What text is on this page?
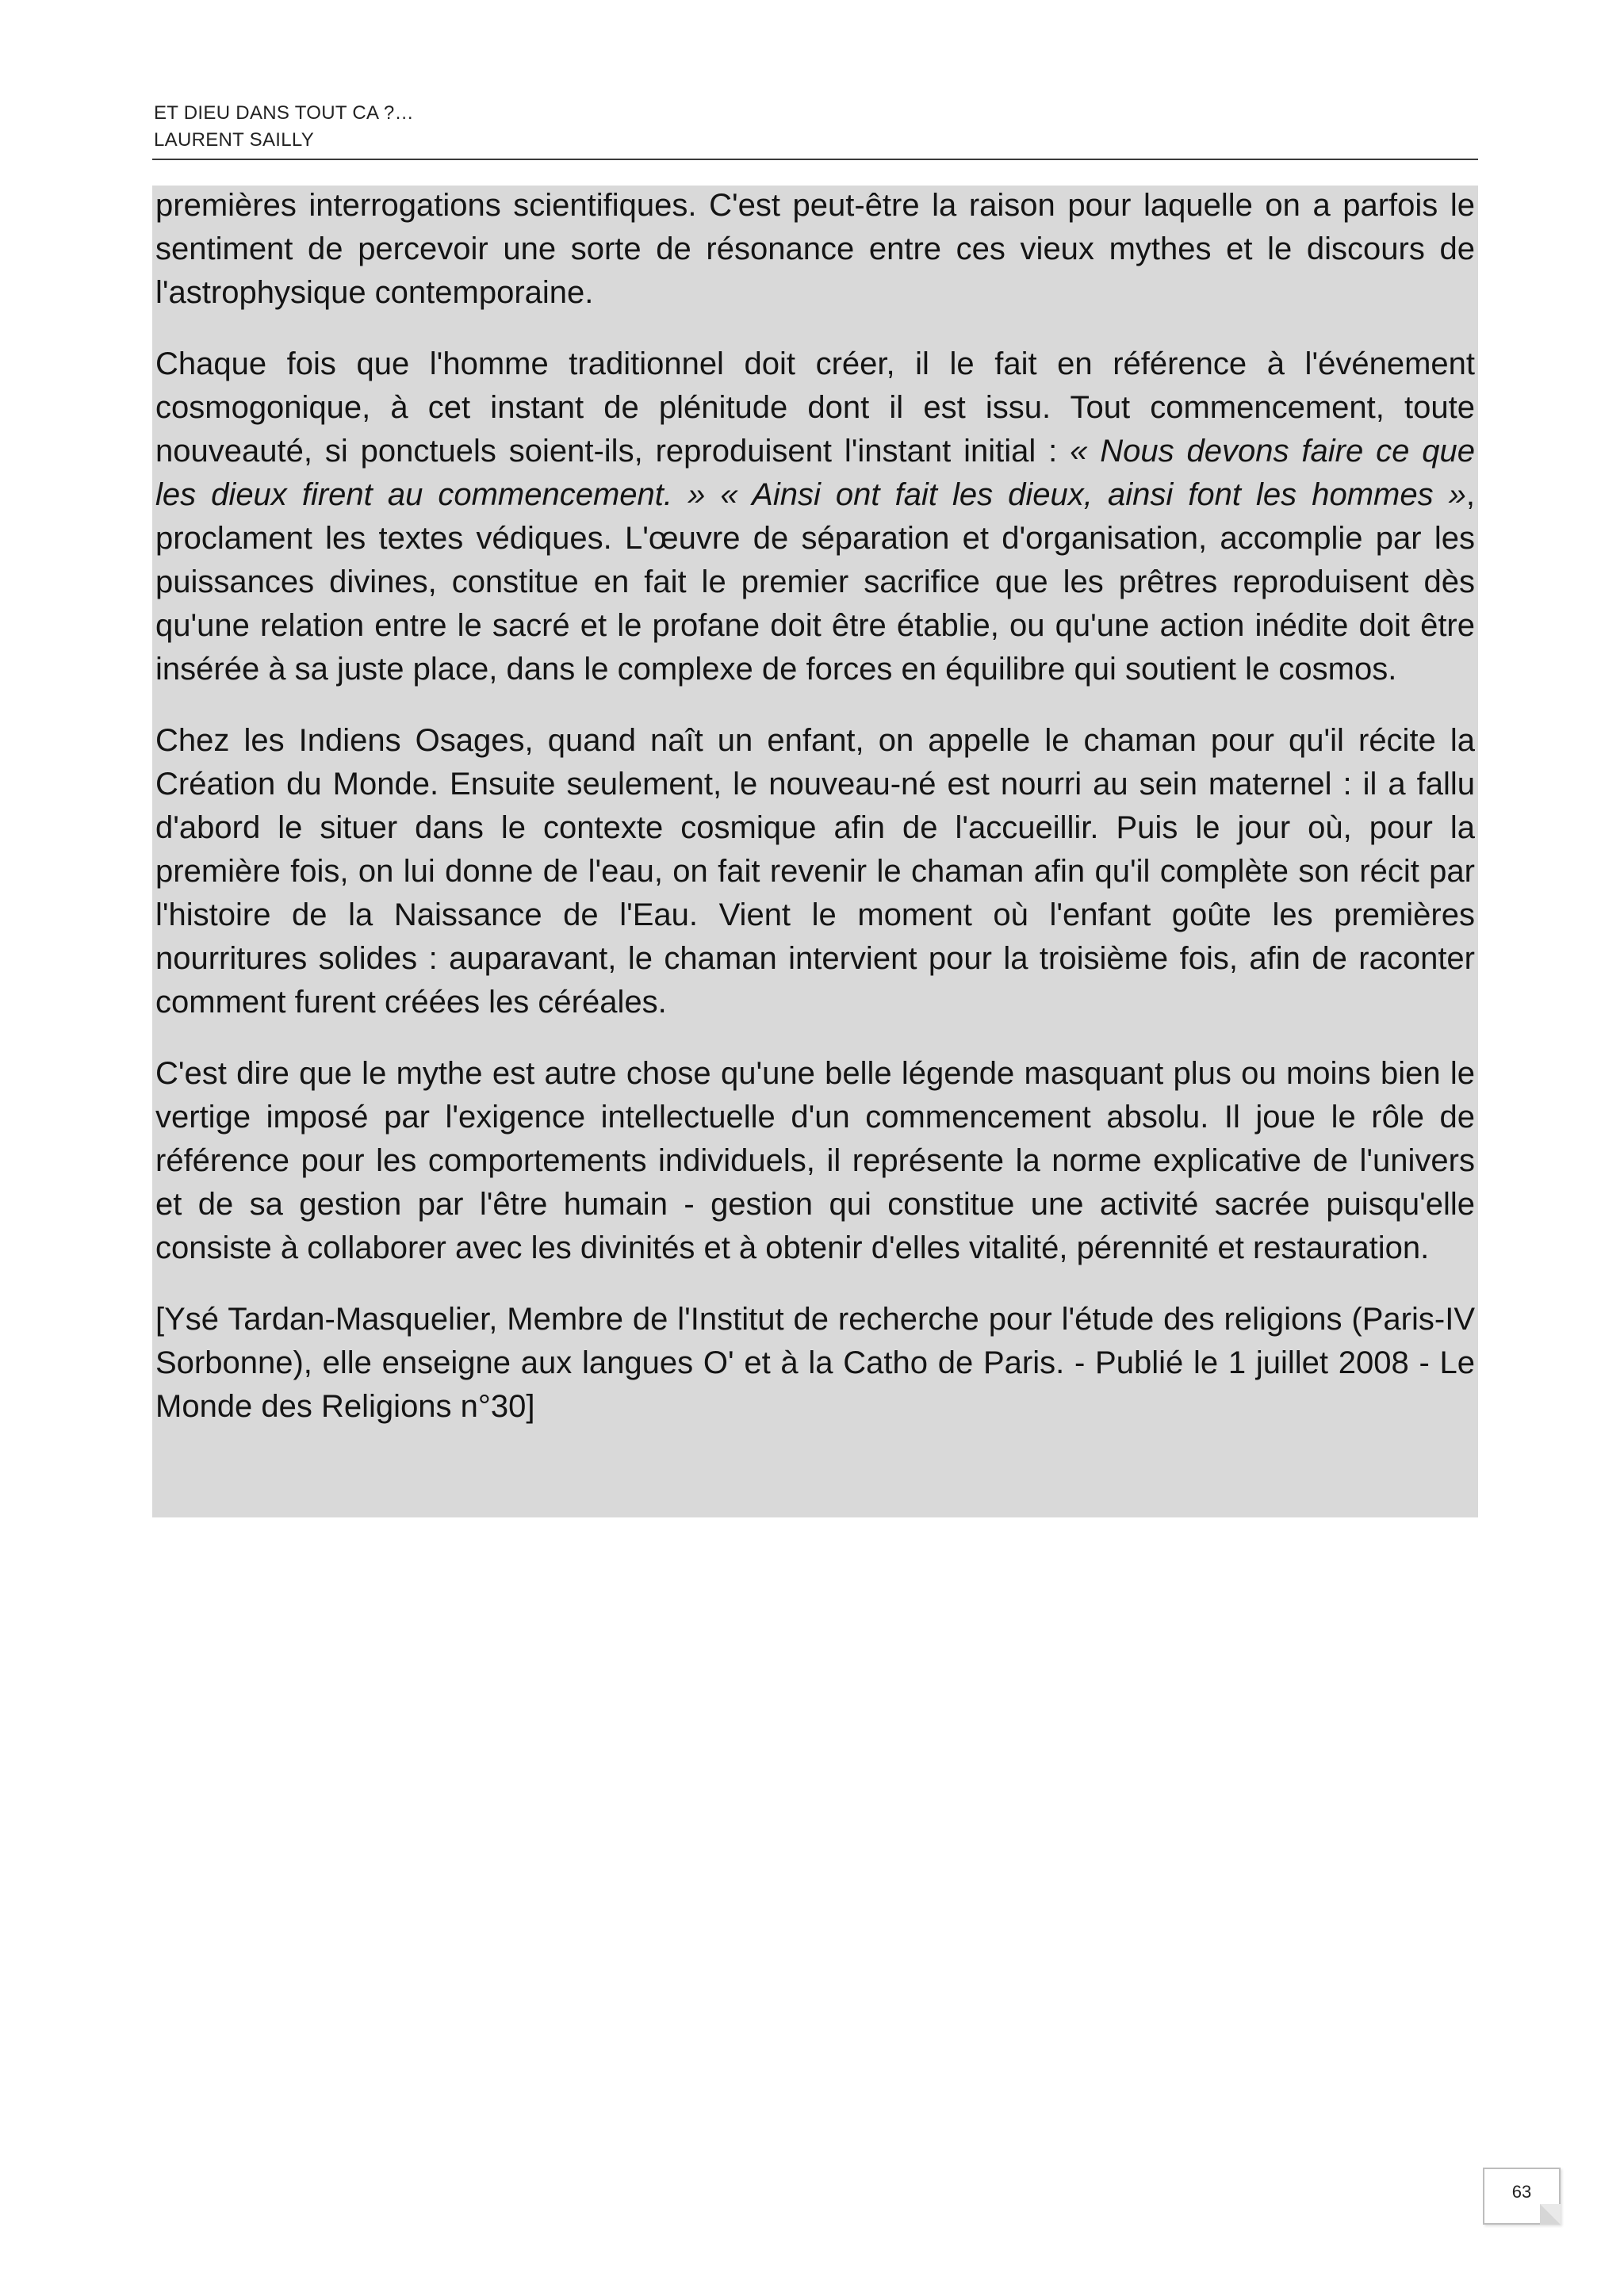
ET DIEU DANS TOUT CA ?…
LAURENT SAILLY

premières interrogations scientifiques. C'est peut-être la raison pour laquelle on a parfois le sentiment de percevoir une sorte de résonance entre ces vieux mythes et le discours de l'astrophysique contemporaine.

Chaque fois que l'homme traditionnel doit créer, il le fait en référence à l'événement cosmogonique, à cet instant de plénitude dont il est issu. Tout commencement, toute nouveauté, si ponctuels soient-ils, reproduisent l'instant initial : « Nous devons faire ce que les dieux firent au commencement. » « Ainsi ont fait les dieux, ainsi font les hommes », proclament les textes védiques. L'œuvre de séparation et d'organisation, accomplie par les puissances divines, constitue en fait le premier sacrifice que les prêtres reproduisent dès qu'une relation entre le sacré et le profane doit être établie, ou qu'une action inédite doit être insérée à sa juste place, dans le complexe de forces en équilibre qui soutient le cosmos.

Chez les Indiens Osages, quand naît un enfant, on appelle le chaman pour qu'il récite la Création du Monde. Ensuite seulement, le nouveau-né est nourri au sein maternel : il a fallu d'abord le situer dans le contexte cosmique afin de l'accueillir. Puis le jour où, pour la première fois, on lui donne de l'eau, on fait revenir le chaman afin qu'il complète son récit par l'histoire de la Naissance de l'Eau. Vient le moment où l'enfant goûte les premières nourritures solides : auparavant, le chaman intervient pour la troisième fois, afin de raconter comment furent créées les céréales.

C'est dire que le mythe est autre chose qu'une belle légende masquant plus ou moins bien le vertige imposé par l'exigence intellectuelle d'un commencement absolu. Il joue le rôle de référence pour les comportements individuels, il représente la norme explicative de l'univers et de sa gestion par l'être humain - gestion qui constitue une activité sacrée puisqu'elle consiste à collaborer avec les divinités et à obtenir d'elles vitalité, pérennité et restauration.

[Ysé Tardan-Masquelier, Membre de l'Institut de recherche pour l'étude des religions (Paris-IV Sorbonne), elle enseigne aux langues O' et à la Catho de Paris. - Publié le 1 juillet 2008 - Le Monde des Religions n°30]

63
